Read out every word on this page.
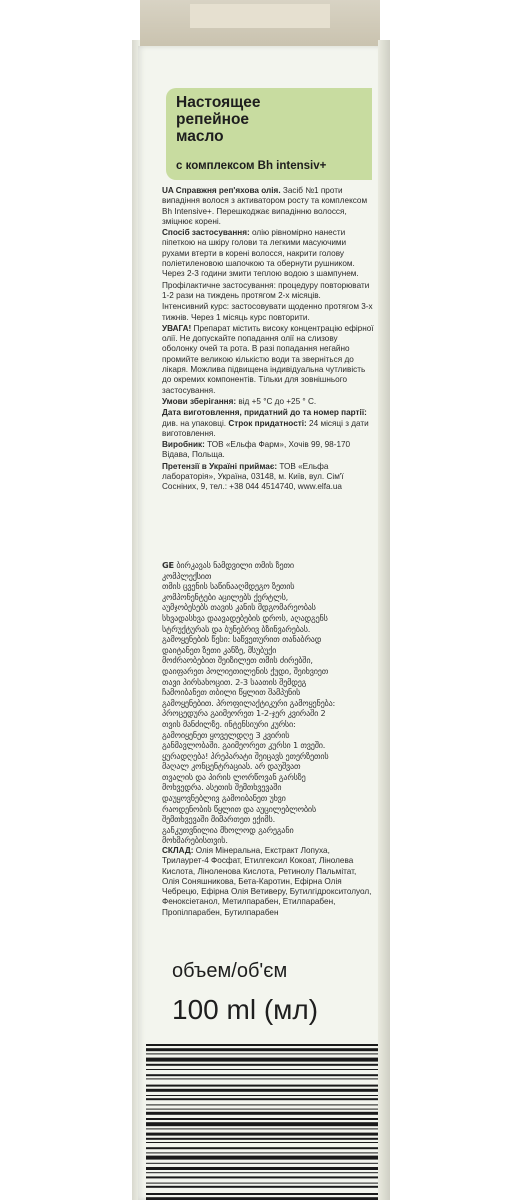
Настоящее
репейное
масло
с комплексом Bh intensiv+

UA Справжня реп'яхова олія. Засіб №1 проти випадіння волося з активатором росту та комплексом Bh Intensive+. Перешкоджає випадінню волосся, зміцнює корені.

Спосіб застосування: олію рівномірно нанести піпеткою на шкіру голови та легкими масуючими рухами втерти в корені волосся, накрити голову поліетиленовою шапочкою та обернути рушником. Через 2-3 години змити теплою водою з шампунем.

Профілактичне застосування: процедуру повторювати 1-2 рази на тиждень протягом 2-х місяців.

Інтенсивний курс: застосовувати щоденно протягом 3-х тижнів. Через 1 місяць курс повторити.

УВАГА! Препарат містить високу концентрацію ефірної олії. Не допускайте попадання олії на слизову оболонку очей та рота. В разі попадання негайно промийте великою кількістю води та зверніться до лікаря. Можлива підвищена індивідуальна чутливість до окремих компонентів. Тільки для зовнішнього застосування.

Умови зберігання: від +5 °С до +25 ° С.

Дата виготовлення, придатний до та номер партії: див. на упаковці. Строк придатності: 24 місяці з дати виготовлення.

Виробник: ТОВ «Ельфа Фарм», Хочів 99, 98-170 Відава, Польща.

Претензії в Україні приймає: ТОВ «Ельфа лабораторія», Україна, 03148, м. Київ, вул. Сім'ї Сосніних, 9, тел.: +38 044 4514740, www.elfa.ua

GE ბირკავას ნამდვილი თმის ზეთი

კომპლექსით

თმის ცვენის საწინააღმდეგო ზეთის

კომპონენტები აცილებს ქერტლს,

აუმჯობესებს თავის კანის მდგომარეობას

სხვადასხვა დაავადებების დროს, აღადგენს

სტრუქტურას და ბუნებრივ ბზინვარებას.

გამოყენების წესი: საწვეთურით თანაბრად

დაიტანეთ ზეთი კანზე, მსუბუქი

მოძრაობებით შეიზილეთ თმის ძირებში,

დაიფარეთ პოლიეთილენის ქუდი, შეიხვიეთ

თავი პირსახოცით. 2-3 საათის შემდეგ

ჩამოიბანეთ თბილი წყლით შამპუნის

გამოყენებით. პროფილაქტიკური გამოყენება:

პროცედურა გაიმეორეთ 1-2-ჯერ კვირაში 2

თვის მანძილზე. ინტენსიური კურსი:

გამოიყენეთ ყოველდღე 3 კვირის

განმავლობაში. გაიმეორეთ კურსი 1 თვეში.

ყურადღება! პრეპარატი შეიცავს ეთერზეთის

მაღალ კონცენტრაციას. არ დაუშვათ

თვალის და პირის ლორწოვან გარსზე

მოხვედრა. ასეთის შემთხვევაში

დაუყოვნებლივ გამოიბანეთ უხვი

რაოდენობის წყლით და აუცილებლობის

შემთხვევაში მიმართეთ ექიმს.

განკუთვნილია მხოლოდ გარეგანი

მოხმარებისთვის.

СКЛАД: Олія Мінеральна, Екстракт Лопуха, Трилаурет-4 Фосфат, Етилгексил Кокоат, Лінолева Кислота, Ліноленова Кислота, Ретинолу Пальмітат, Олія Соняшникова, Бета-Каротин, Ефірна Олія Чебрецю, Ефірна Олія Ветиверу, Бутилгідрокситолуол, Феноксіетанол, Метилпарабен, Етилпарабен, Пропілпарабен, Бутилпарабен
объем/об'єм
100 ml (мл)
